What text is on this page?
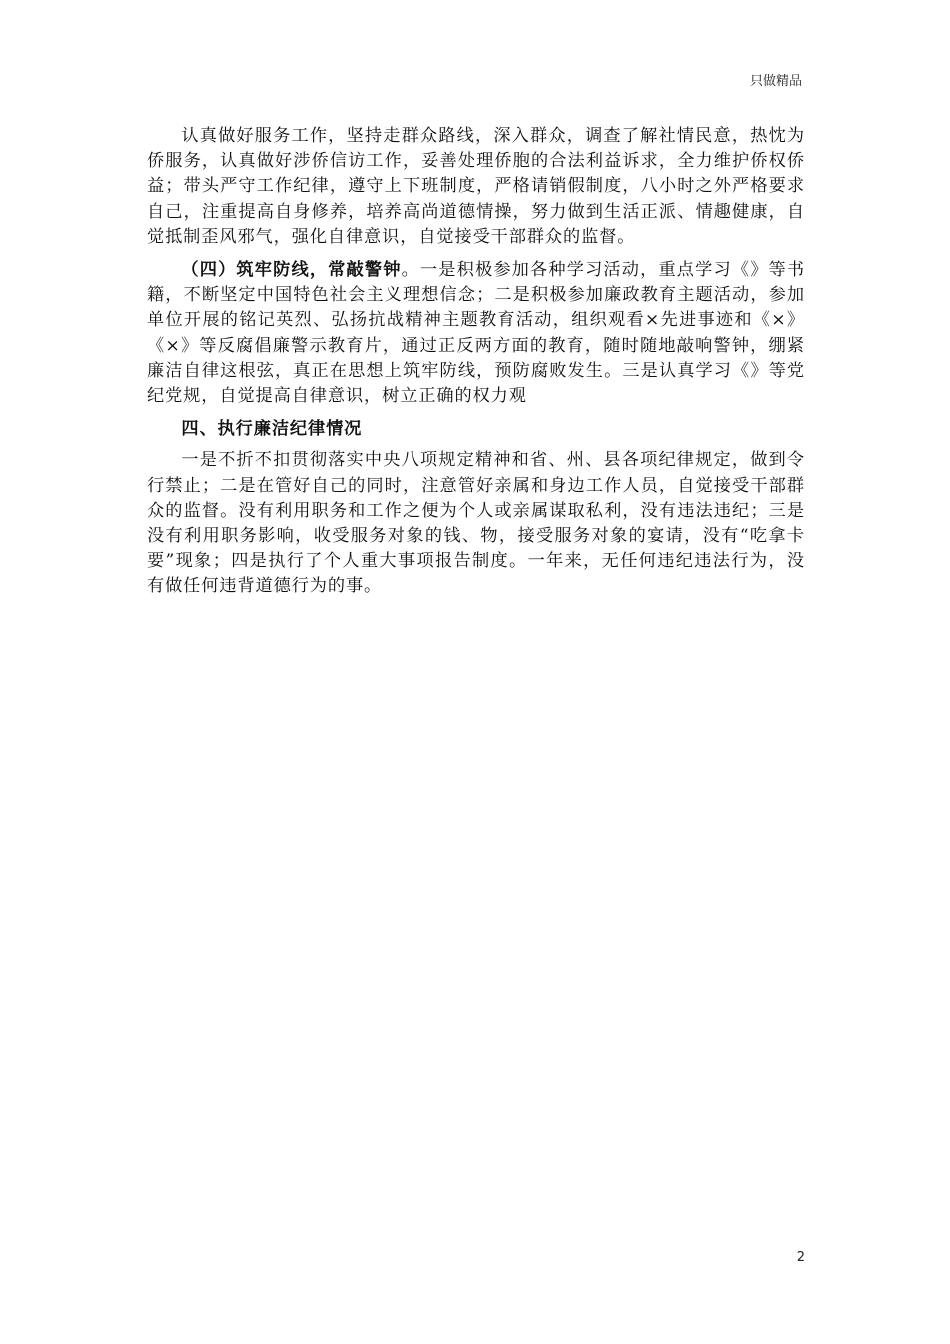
只做精品

认真做好服务工作，坚持走群众路线，深入群众，调查了解社情民意，热忱为侨服务，认真做好涉侨信访工作，妥善处理侨胞的合法利益诉求，全力维护侨权侨益；带头严守工作纪律，遵守上下班制度，严格请销假制度，八小时之外严格要求自己，注重提高自身修养，培养高尚道德情操，努力做到生活正派、情趣健康，自觉抵制歪风邪气，强化自律意识，自觉接受干部群众的监督。

（四）筑牢防线，常敲警钟。一是积极参加各种学习活动，重点学习《》等书籍，不断坚定中国特色社会主义理想信念；二是积极参加廉政教育主题活动，参加单位开展的铭记英烈、弘扬抗战精神主题教育活动，组织观看×先进事迹和《×》《×》等反腐倡廉警示教育片，通过正反两方面的教育，随时随地敲响警钟，绷紧廉洁自律这根弦，真正在思想上筑牢防线，预防腐败发生。三是认真学习《》等党纪党规，自觉提高自律意识，树立正确的权力观

四、执行廉洁纪律情况

一是不折不扣贯彻落实中央八项规定精神和省、州、县各项纪律规定，做到令行禁止；二是在管好自己的同时，注意管好亲属和身边工作人员，自觉接受干部群众的监督。没有利用职务和工作之便为个人或亲属谋取私利，没有违法违纪；三是没有利用职务影响，收受服务对象的钱、物，接受服务对象的宴请，没有“吃拿卡要”现象；四是执行了个人重大事项报告制度。一年来，无任何违纪违法行为，没有做任何违背道德行为的事。

2
